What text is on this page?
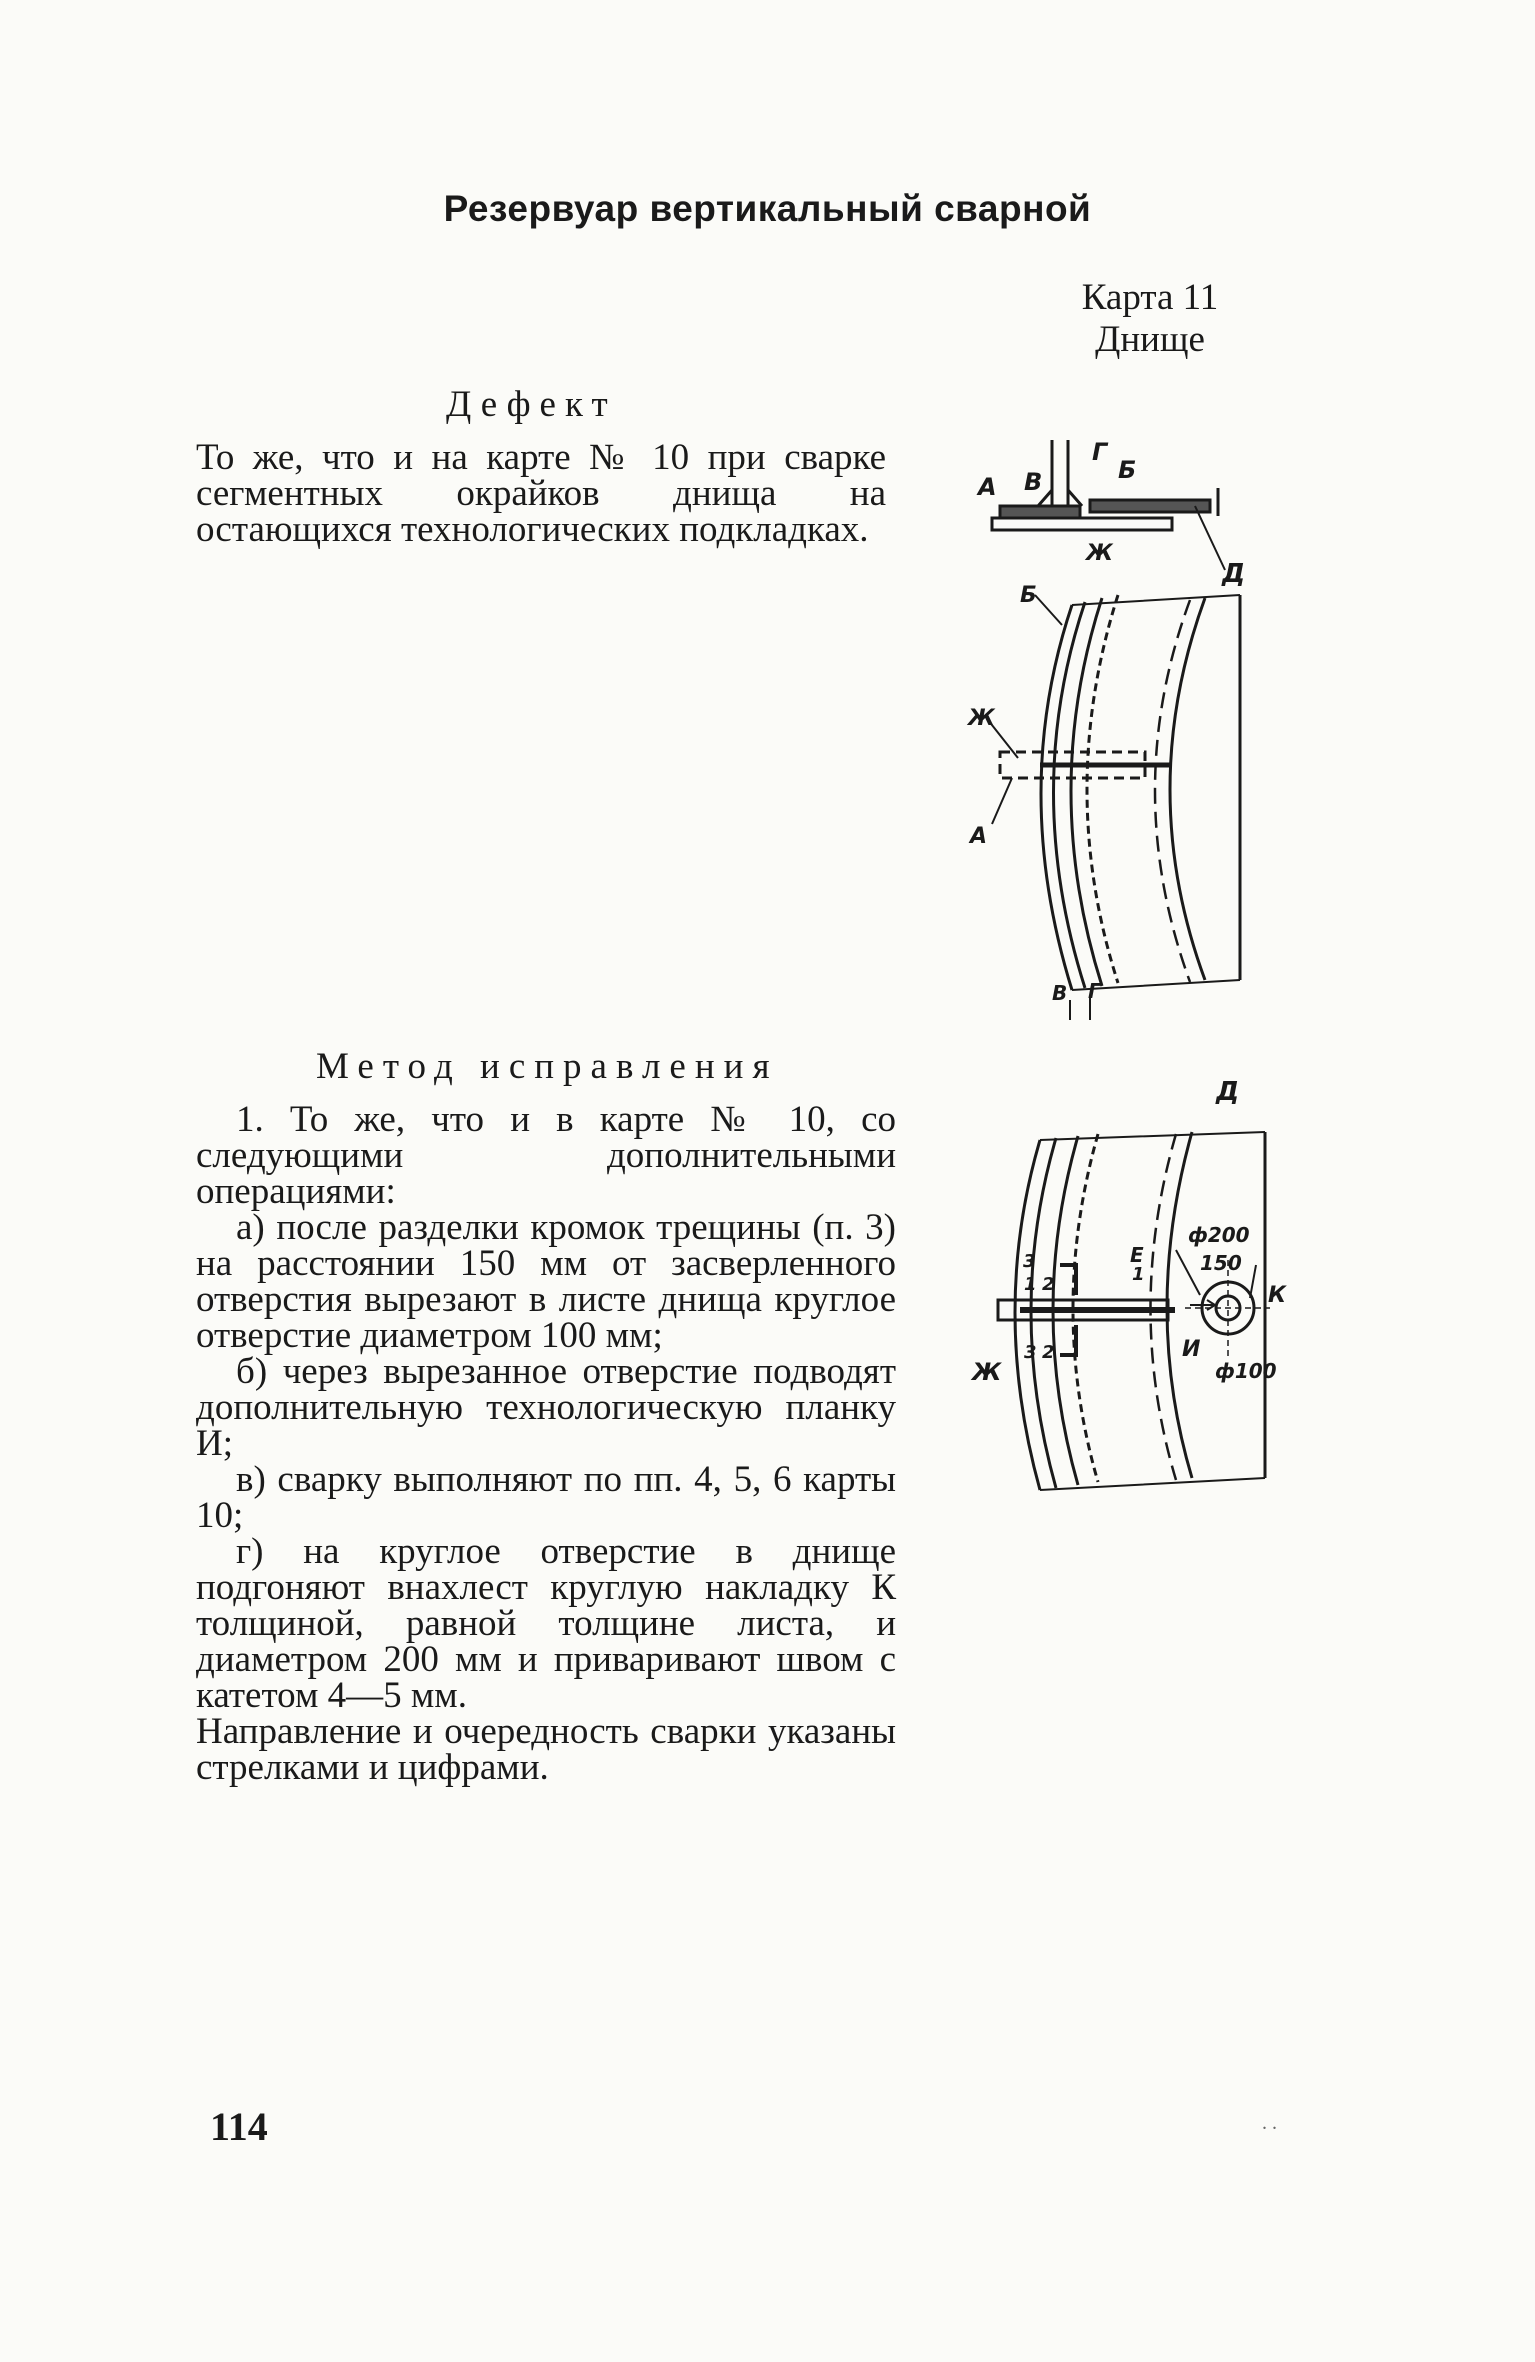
Резервуар вертикальный сварной
Карта 11
Днище
Дефект
То же, что и на карте № 10 при сварке сегментных окрайков днища на остающихся технологических подкладках.
Метод исправления

1. То же, что и в карте № 10, со следующими дополнительными операциями:

а) после разделки кромок трещины (п. 3) на расстоянии 150 мм от засверленного отверстия вырезают в листе днища круглое отверстие диаметром 100 мм;

б) через вырезанное отверстие подводят дополнительную технологическую планку И;

в) сварку выполняют по пп. 4, 5, 6 карты 10;

г) на круглое отверстие в днище подгоняют внахлест круглую накладку К толщиной, равной толщине листа, и диаметром 200 мм и приваривают швом с катетом 4—5 мм.

Направление и очередность сварки указаны стрелками и цифрами.

А В
Г
Б
Ж
Д
Б
Ж
А
В Г
Д
ф200
150
Е
1
К
И
ф100
3
1 2
3 2
Ж
114	. .
